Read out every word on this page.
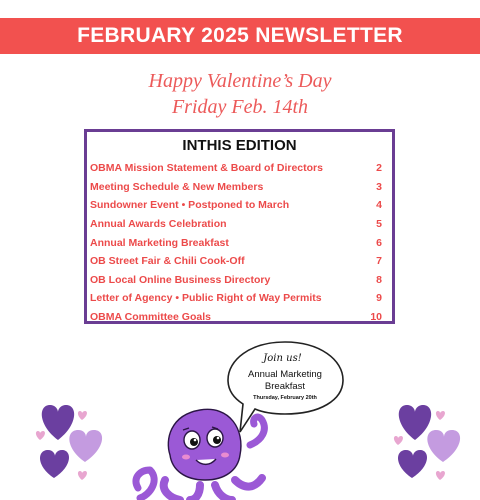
FEBRUARY 2025 NEWSLETTER
Happy Valentine’s Day
Friday Feb. 14th
INTHIS EDITION
OBMA Mission Statement & Board of Directors	2
Meeting Schedule & New Members	3
Sundowner Event • Postponed to March	4
Annual Awards Celebration	5
Annual Marketing Breakfast	6
OB Street Fair & Chili Cook-Off	7
OB Local Online Business Directory	8
Letter of Agency • Public Right of Way Permits	9
OBMA Committee Goals	10
Join us!
Annual Marketing
Breakfast
Thursday, February 20th
